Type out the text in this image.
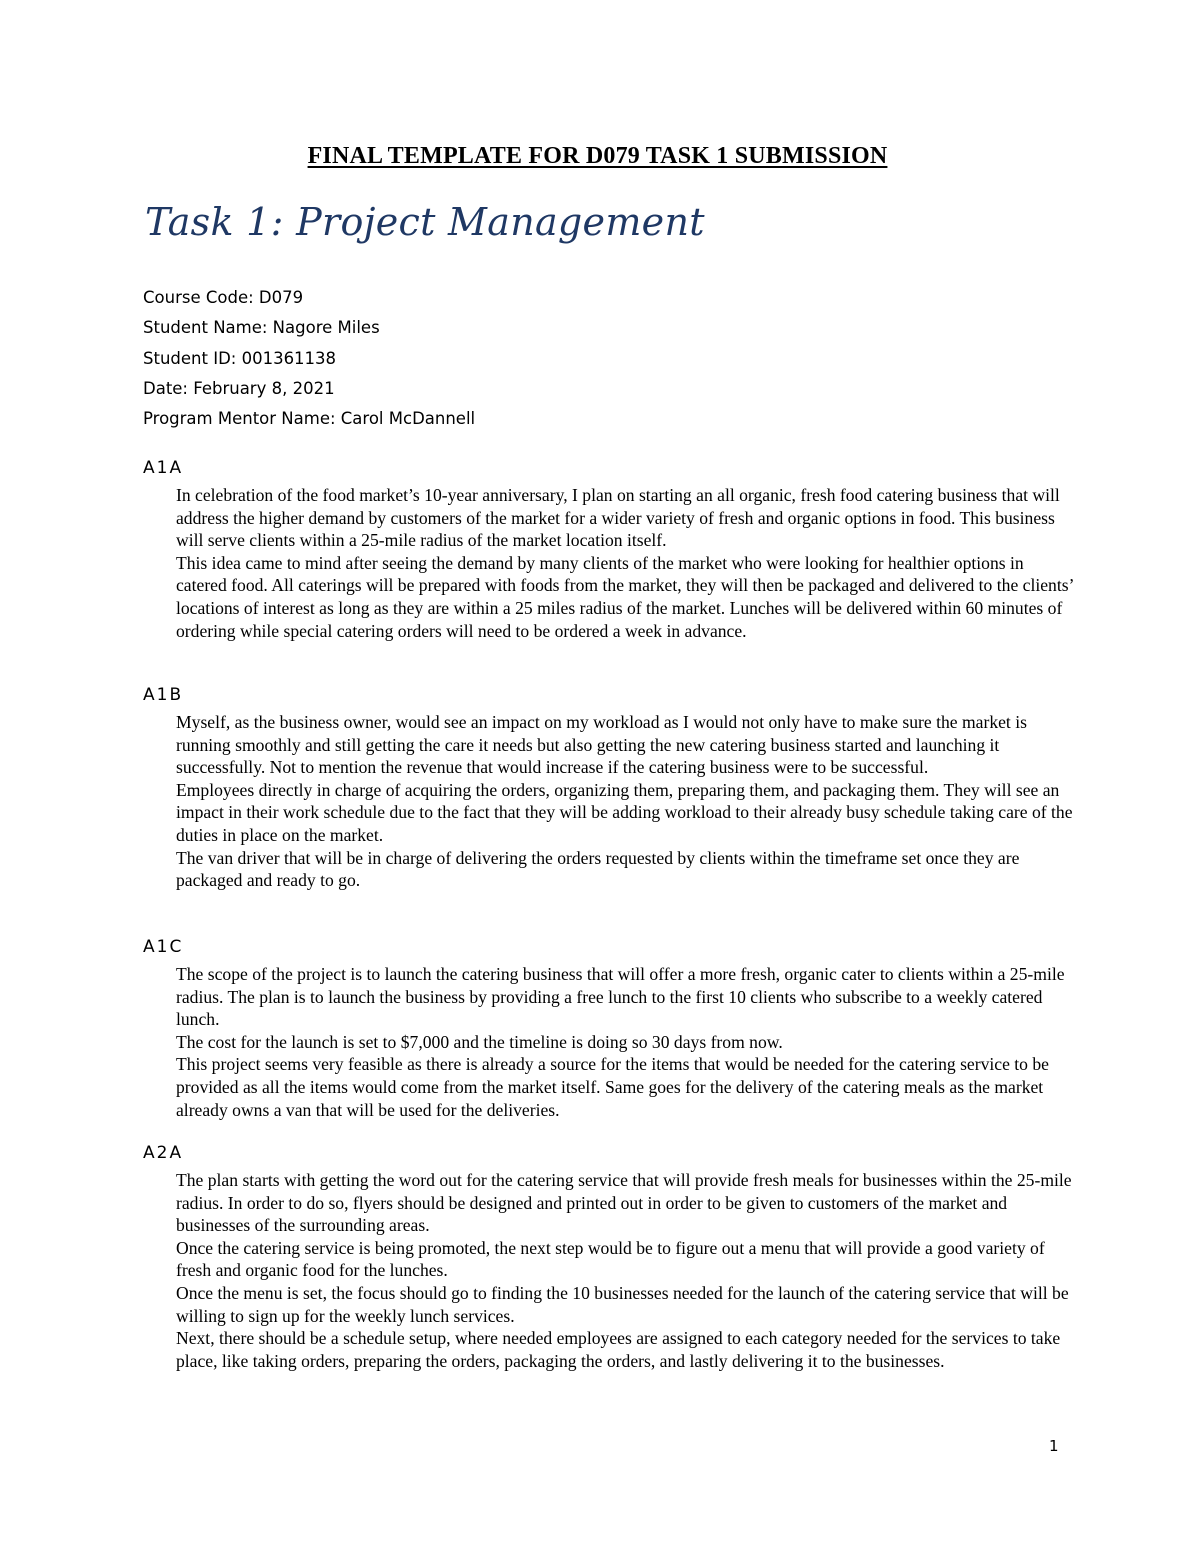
FINAL TEMPLATE FOR D079 TASK 1 SUBMISSION
Task 1: Project Management
Course Code: D079
Student Name: Nagore Miles
Student ID: 001361138
Date: February 8, 2021
Program Mentor Name: Carol McDannell
A1A

In celebration of the food market’s 10-year anniversary, I plan on starting an all organic, fresh food catering business that will address the higher demand by customers of the market for a wider variety of fresh and organic options in food. This business will serve clients within a 25-mile radius of the market location itself.

This idea came to mind after seeing the demand by many clients of the market who were looking for healthier options in catered food. All caterings will be prepared with foods from the market, they will then be packaged and delivered to the clients’ locations of interest as long as they are within a 25 miles radius of the market. Lunches will be delivered within 60 minutes of ordering while special catering orders will need to be ordered a week in advance.

A1B

Myself, as the business owner, would see an impact on my workload as I would not only have to make sure the market is running smoothly and still getting the care it needs but also getting the new catering business started and launching it successfully. Not to mention the revenue that would increase if the catering business were to be successful.

Employees directly in charge of acquiring the orders, organizing them, preparing them, and packaging them. They will see an impact in their work schedule due to the fact that they will be adding workload to their already busy schedule taking care of the duties in place on the market.

The van driver that will be in charge of delivering the orders requested by clients within the timeframe set once they are packaged and ready to go.

A1C

The scope of the project is to launch the catering business that will offer a more fresh, organic cater to clients within a 25-mile radius. The plan is to launch the business by providing a free lunch to the first 10 clients who subscribe to a weekly catered lunch.

The cost for the launch is set to $7,000 and the timeline is doing so 30 days from now.

This project seems very feasible as there is already a source for the items that would be needed for the catering service to be provided as all the items would come from the market itself. Same goes for the delivery of the catering meals as the market already owns a van that will be used for the deliveries.

A2A

The plan starts with getting the word out for the catering service that will provide fresh meals for businesses within the 25-mile radius. In order to do so, flyers should be designed and printed out in order to be given to customers of the market and businesses of the surrounding areas.

Once the catering service is being promoted, the next step would be to figure out a menu that will provide a good variety of fresh and organic food for the lunches.

Once the menu is set, the focus should go to finding the 10 businesses needed for the launch of the catering service that will be willing to sign up for the weekly lunch services.

Next, there should be a schedule setup, where needed employees are assigned to each category needed for the services to take place, like taking orders, preparing the orders, packaging the orders, and lastly delivering it to the businesses.

1
